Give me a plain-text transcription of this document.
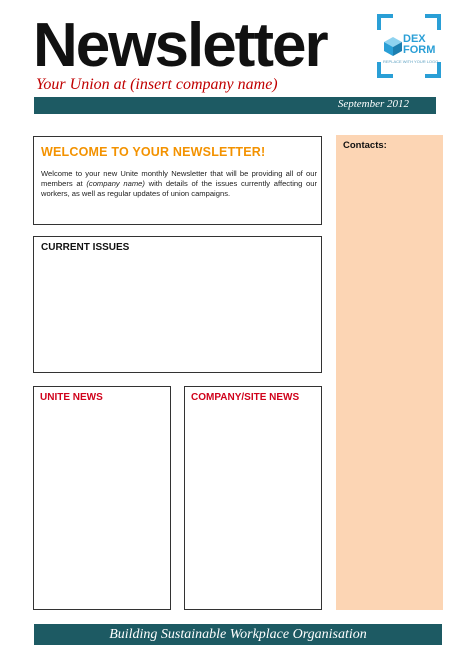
Newsletter	DEX
FORM
REPLACE WITH YOUR LOGO
Your Union at (insert company name)
September 2012
WELCOME TO YOUR NEWSLETTER!

Welcome to your new Unite monthly Newsletter that will be providing all of our members at (company name) with details of the issues currently affecting our workers, as well as regular updates of union campaigns.

CURRENT ISSUES
UNITE NEWS	COMPANY/SITE NEWS
Contacts:
Building Sustainable Workplace Organisation
